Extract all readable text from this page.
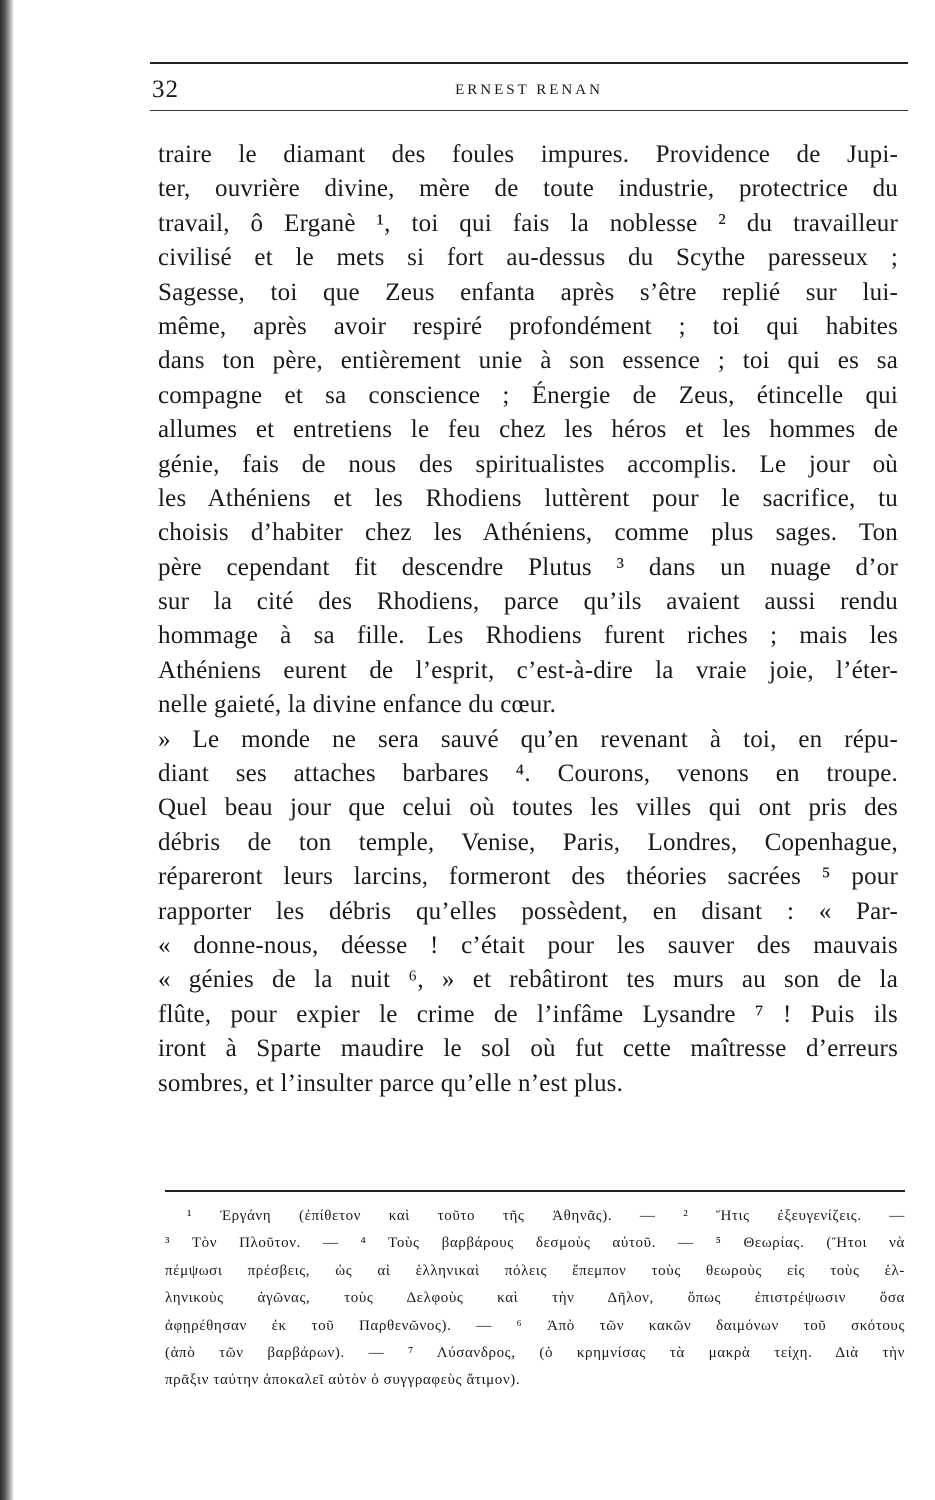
32	ERNEST RENAN
traire le diamant des foules impures. Providence de Jupi-
ter, ouvrière divine, mère de toute industrie, protectrice du
travail, ô Erganè ¹, toi qui fais la noblesse ² du travailleur
civilisé et le mets si fort au-dessus du Scythe paresseux ;
Sagesse, toi que Zeus enfanta après s’être replié sur lui-
même, après avoir respiré profondément ; toi qui habites
dans ton père, entièrement unie à son essence ; toi qui es sa
compagne et sa conscience ; Énergie de Zeus, étincelle qui
allumes et entretiens le feu chez les héros et les hommes de
génie, fais de nous des spiritualistes accomplis. Le jour où
les Athéniens et les Rhodiens luttèrent pour le sacrifice, tu
choisis d’habiter chez les Athéniens, comme plus sages. Ton
père cependant fit descendre Plutus ³ dans un nuage d’or
sur la cité des Rhodiens, parce qu’ils avaient aussi rendu
hommage à sa fille. Les Rhodiens furent riches ; mais les
Athéniens eurent de l’esprit, c’est-à-dire la vraie joie, l’éter-
nelle gaieté, la divine enfance du cœur.
» Le monde ne sera sauvé qu’en revenant à toi, en répu-
diant ses attaches barbares ⁴. Courons, venons en troupe.
Quel beau jour que celui où toutes les villes qui ont pris des
débris de ton temple, Venise, Paris, Londres, Copenhague,
répareront leurs larcins, formeront des théories sacrées ⁵ pour
rapporter les débris qu’elles possèdent, en disant : « Par-
« donne-nous, déesse ! c’était pour les sauver des mauvais
« génies de la nuit ⁶, » et rebâtiront tes murs au son de la
flûte, pour expier le crime de l’infâme Lysandre ⁷ ! Puis ils
iront à Sparte maudire le sol où fut cette maîtresse d’erreurs
sombres, et l’insulter parce qu’elle n’est plus.
¹ Ἐργάνη (ἐπίθετον καὶ τοῦτο τῆς Ἀθηνᾶς). — ² Ἥτις ἐξευγενίζεις. —
³ Τὸν Πλοῦτον. — ⁴ Τοὺς βαρβάρους δεσμοὺς αὐτοῦ. — ⁵ Θεωρίας. (Ἤτοι νὰ
πέμψωσι πρέσβεις, ὡς αἱ ἑλληνικαὶ πόλεις ἔπεμπον τοὺς θεωροὺς εἰς τοὺς ἑλ-
ληνικοὺς ἀγῶνας, τοὺς Δελφοὺς καὶ τὴν Δῆλον, ὅπως ἐπιστρέψωσιν ὅσα
ἀφῃρέθησαν ἐκ τοῦ Παρθενῶνος). — ⁶ Ἀπὸ τῶν κακῶν δαιμόνων τοῦ σκότους
(ἀπὸ τῶν βαρβάρων). — ⁷ Λύσανδρος, (ὁ κρημνίσας τὰ μακρὰ τείχη. Διὰ τὴν
πρᾶξιν ταύτην ἀποκαλεῖ αὐτὸν ὁ συγγραφεὺς ἄτιμον).
